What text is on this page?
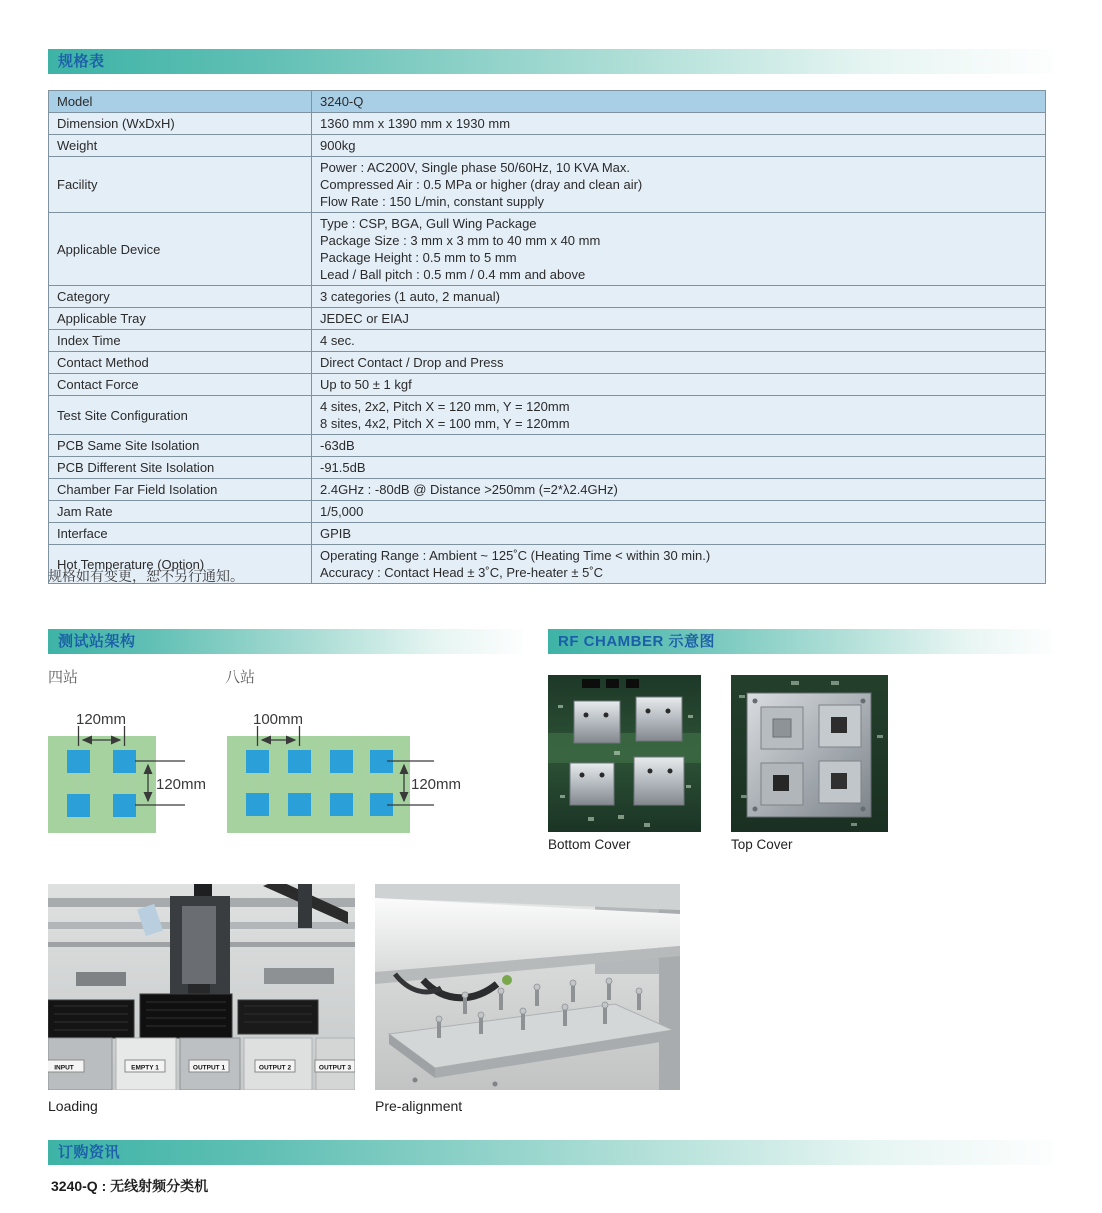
规格表
Model	3240-Q

Dimension (WxDxH)	1360 mm x 1390 mm x 1930 mm

Weight	900kg

Facility	Power : AC200V, Single phase 50/60Hz, 10 KVA Max.
Compressed Air : 0.5 MPa or higher (dray and clean air)
Flow Rate : 150 L/min, constant supply

Applicable Device	Type : CSP, BGA, Gull Wing Package
Package Size : 3 mm x 3 mm to 40 mm x 40 mm
Package Height : 0.5 mm to 5 mm
Lead / Ball pitch : 0.5 mm / 0.4 mm and above

Category	3 categories (1 auto, 2 manual)

Applicable Tray	JEDEC or EIAJ

Index Time	4 sec.

Contact Method	Direct Contact / Drop and Press

Contact Force	Up to 50 ± 1 kgf

Test Site Configuration	4 sites, 2x2, Pitch X = 120 mm, Y = 120mm
8 sites, 4x2, Pitch X = 100 mm, Y = 120mm

PCB Same Site Isolation	-63dB

PCB Different Site Isolation	-91.5dB

Chamber Far Field Isolation	2.4GHz : -80dB @ Distance >250mm (=2*λ2.4GHz)

Jam Rate	1/5,000

Interface	GPIB

Hot Temperature (Option)	Operating Range : Ambient ~ 125˚C (Heating Time < within 30 min.)
Accuracy : Contact Head ± 3˚C, Pre-heater ± 5˚C
规格如有变更，恕不另行通知。
测试站架构	RF CHAMBER 示意图
四站	八站
120mm
120mm
100mm
120mm
Bottom Cover	Top Cover
INPUT	EMPTY 1	OUTPUT 1	OUTPUT 2	OUTPUT 3
Loading	Pre-alignment
订购资讯
3240-Q : 无线射频分类机
